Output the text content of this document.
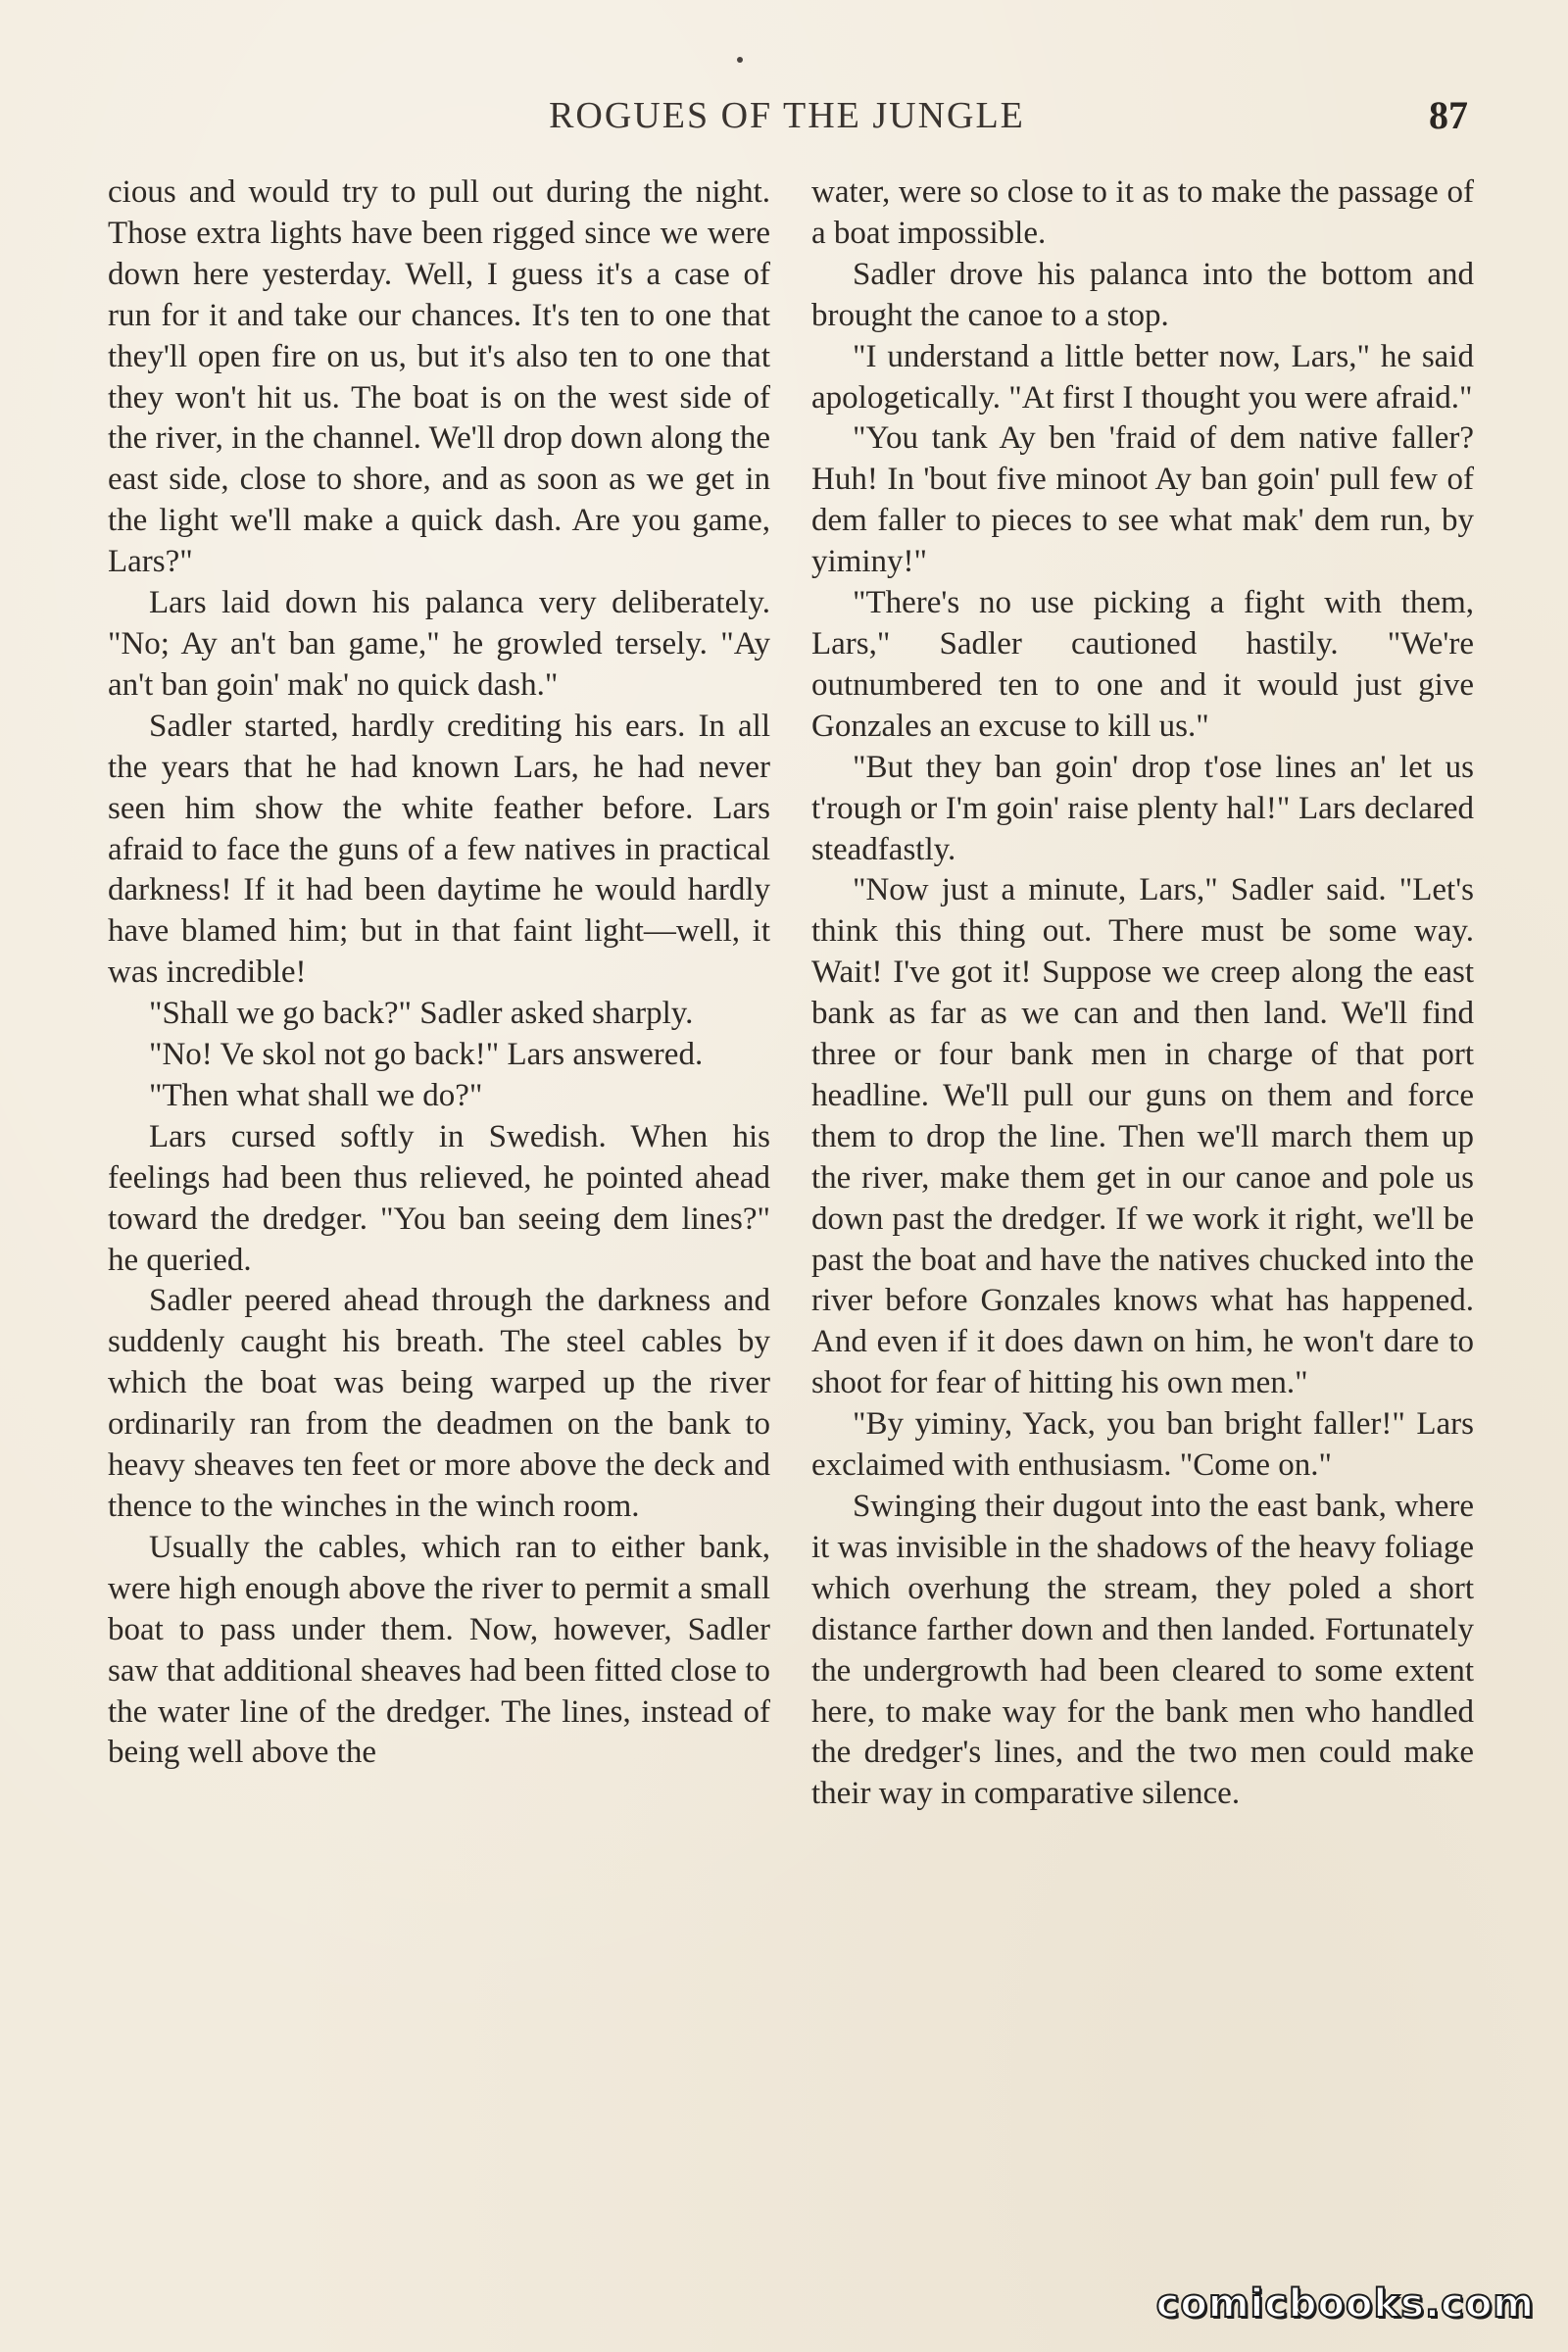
ROGUES OF THE JUNGLE	87

cious and would try to pull out during the night. Those extra lights have been rigged since we were down here yesterday. Well, I guess it's a case of run for it and take our chances. It's ten to one that they'll open fire on us, but it's also ten to one that they won't hit us. The boat is on the west side of the river, in the channel. We'll drop down along the east side, close to shore, and as soon as we get in the light we'll make a quick dash. Are you game, Lars?"

Lars laid down his palanca very deliberately. "No; Ay an't ban game," he growled tersely. "Ay an't ban goin' mak' no quick dash."

Sadler started, hardly crediting his ears. In all the years that he had known Lars, he had never seen him show the white feather before. Lars afraid to face the guns of a few natives in practical darkness! If it had been daytime he would hardly have blamed him; but in that faint light—well, it was incredible!

"Shall we go back?" Sadler asked sharply.

"No! Ve skol not go back!" Lars answered.

"Then what shall we do?"

Lars cursed softly in Swedish. When his feelings had been thus relieved, he pointed ahead toward the dredger. "You ban seeing dem lines?" he queried.

Sadler peered ahead through the darkness and suddenly caught his breath. The steel cables by which the boat was being warped up the river ordinarily ran from the deadmen on the bank to heavy sheaves ten feet or more above the deck and thence to the winches in the winch room.

Usually the cables, which ran to either bank, were high enough above the river to permit a small boat to pass under them. Now, however, Sadler saw that additional sheaves had been fitted close to the water line of the dredger. The lines, instead of being well above the

water, were so close to it as to make the passage of a boat impossible.

Sadler drove his palanca into the bottom and brought the canoe to a stop.

"I understand a little better now, Lars," he said apologetically. "At first I thought you were afraid."

"You tank Ay ben 'fraid of dem native faller? Huh! In 'bout five minoot Ay ban goin' pull few of dem faller to pieces to see what mak' dem run, by yiminy!"

"There's no use picking a fight with them, Lars," Sadler cautioned hastily. "We're outnumbered ten to one and it would just give Gonzales an excuse to kill us."

"But they ban goin' drop t'ose lines an' let us t'rough or I'm goin' raise plenty hal!" Lars declared steadfastly.

"Now just a minute, Lars," Sadler said. "Let's think this thing out. There must be some way. Wait! I've got it! Suppose we creep along the east bank as far as we can and then land. We'll find three or four bank men in charge of that port headline. We'll pull our guns on them and force them to drop the line. Then we'll march them up the river, make them get in our canoe and pole us down past the dredger. If we work it right, we'll be past the boat and have the natives chucked into the river before Gonzales knows what has happened. And even if it does dawn on him, he won't dare to shoot for fear of hitting his own men."

"By yiminy, Yack, you ban bright faller!" Lars exclaimed with enthusiasm. "Come on."

Swinging their dugout into the east bank, where it was invisible in the shadows of the heavy foliage which overhung the stream, they poled a short distance farther down and then landed. Fortunately the undergrowth had been cleared to some extent here, to make way for the bank men who handled the dredger's lines, and the two men could make their way in comparative silence.

comicbooks.com
